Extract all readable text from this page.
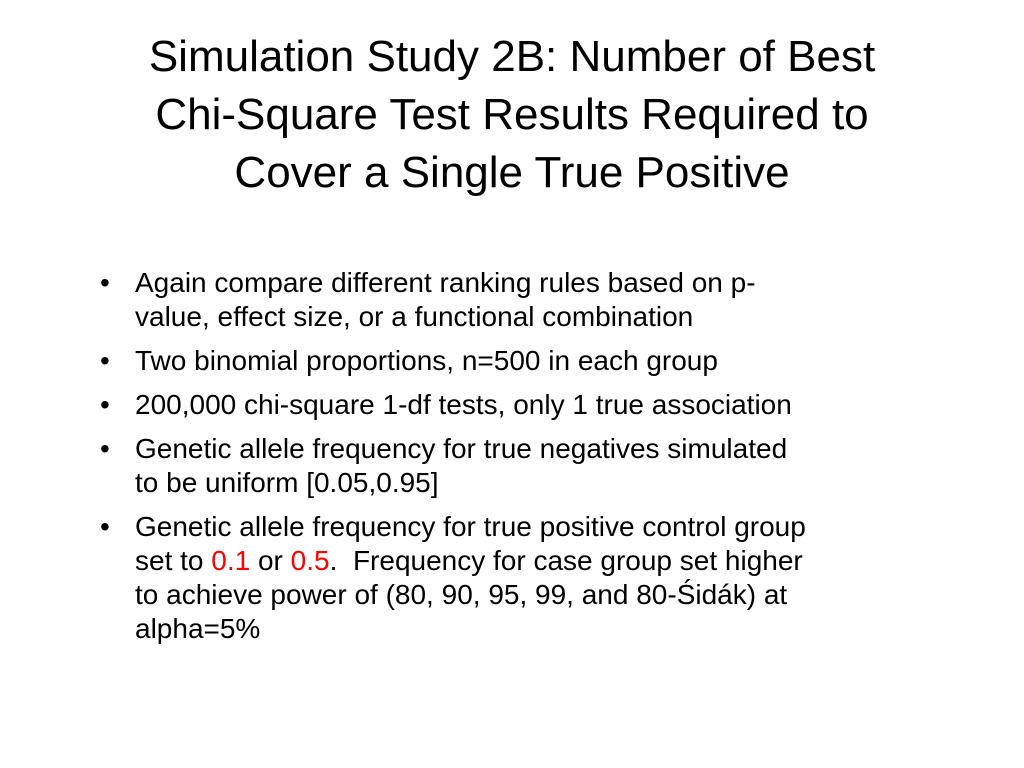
Simulation Study 2B: Number of Best
Chi-Square Test Results Required to
Cover a Single True Positive
• Again compare different ranking rules based on p-
value, effect size, or a functional combination
• Two binomial proportions, n=500 in each group
• 200,000 chi-square 1-df tests, only 1 true association
• Genetic allele frequency for true negatives simulated
to be uniform [0.05,0.95]
• Genetic allele frequency for true positive control group
set to 0.1 or 0.5.  Frequency for case group set higher
to achieve power of (80, 90, 95, 99, and 80-Śidák) at
alpha=5%
